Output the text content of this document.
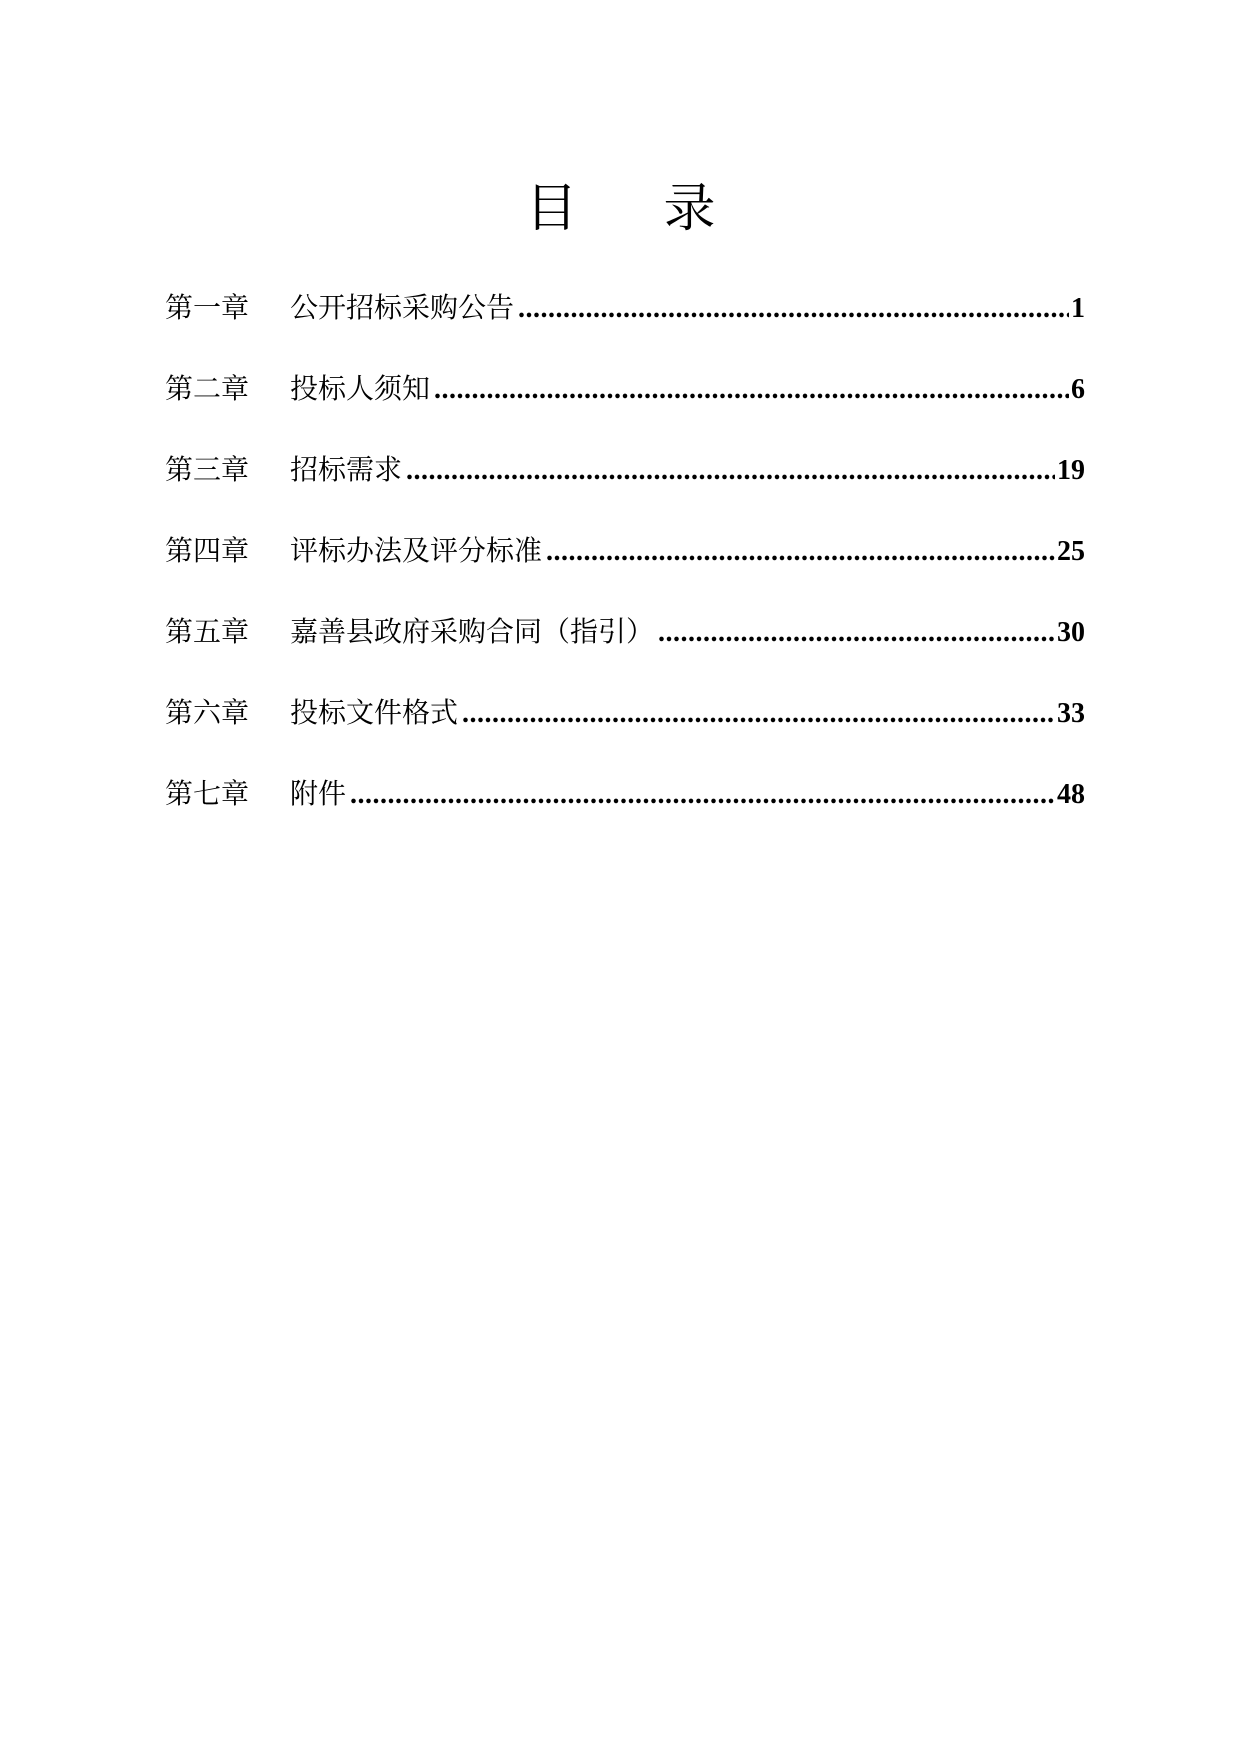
目 录
第一章	公开招标采购公告 .....	1
第二章	投标人须知 .....	6
第三章	招标需求 .....	19
第四章	评标办法及评分标准 .....	25
第五章	嘉善县政府采购合同（指引） .....	30
第六章	投标文件格式 .....	33
第七章	附件 .....	48
